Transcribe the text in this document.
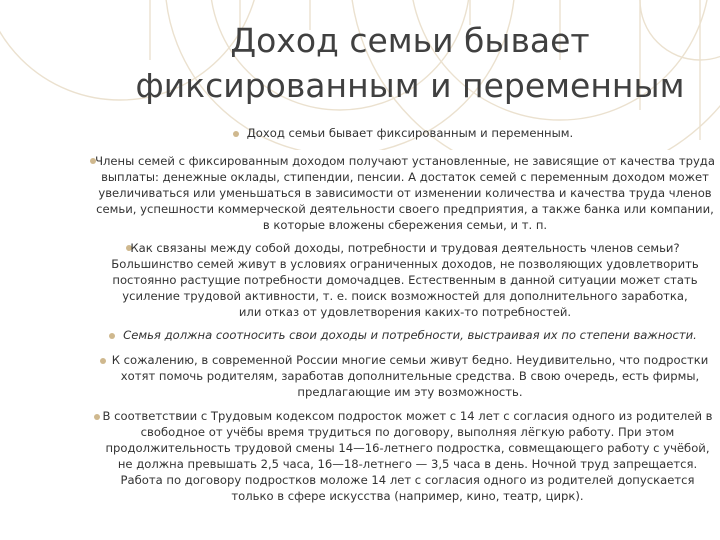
Доход семьи бывает
фиксированным и переменным
Доход семьи бывает фиксированным и переменным.
Члены семей с фиксированным доходом получают установленные, не зависящие от качества труда выплаты: денежные оклады, стипендии, пенсии. А достаток семей с переменным доходом может увеличиваться или уменьшаться в зависимости от изменении количества и качества труда членов семьи, успешности коммерческой деятельности своего предприятия, а также банка или компании, в которые вложены сбережения семьи, и т. п.
Как связаны между собой доходы, потребности и трудовая деятельность членов семьи? Большинство семей живут в условиях ограниченных доходов, не позволяющих удовлетворить постоянно растущие потребности домочадцев. Естественным в данной ситуации может стать усиление трудовой активности, т. е. поиск возможностей для дополнительного заработка, или отказ от удовлетворения каких-то потребностей.
Семья должна соотносить свои доходы и потребности, выстраивая их по степени важности.
К сожалению, в современной России многие семьи живут бедно. Неудивительно, что подростки хотят помочь родителям, заработав дополнительные средства. В свою очередь, есть фирмы, предлагающие им эту возможность.
В соответствии с Трудовым кодексом подросток может с 14 лет с согласия одного из родителей в свободное от учёбы время трудиться по договору, выполняя лёгкую работу. При этом продолжительность трудовой смены 14—16-летнего подростка, совмещающего работу с учёбой, не должна превышать 2,5 часа, 16—18-летнего — 3,5 часа в день. Ночной труд запрещается. Работа по договору подростков моложе 14 лет с согласия одного из родителей допускается только в сфере искусства (например, кино, театр, цирк).
